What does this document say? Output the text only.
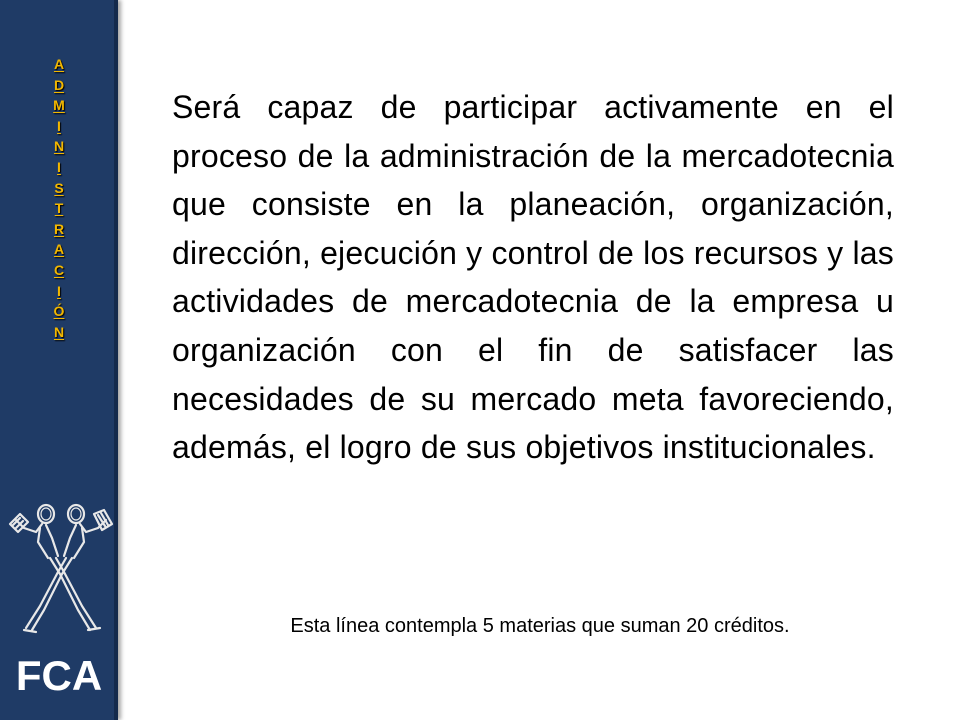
A
D
M
I
N
I
S
T
R
A
C
I
Ó
N
FCA

Será capaz de participar activamente en el proceso de la administración de la mercadotecnia que consiste en la planeación, organización, dirección, ejecución y control de los recursos y las actividades de mercadotecnia de la empresa u organización con el fin de satisfacer las necesidades de su mercado meta favoreciendo, además, el logro de sus objetivos institucionales.

Esta línea contempla 5 materias que suman 20 créditos.
